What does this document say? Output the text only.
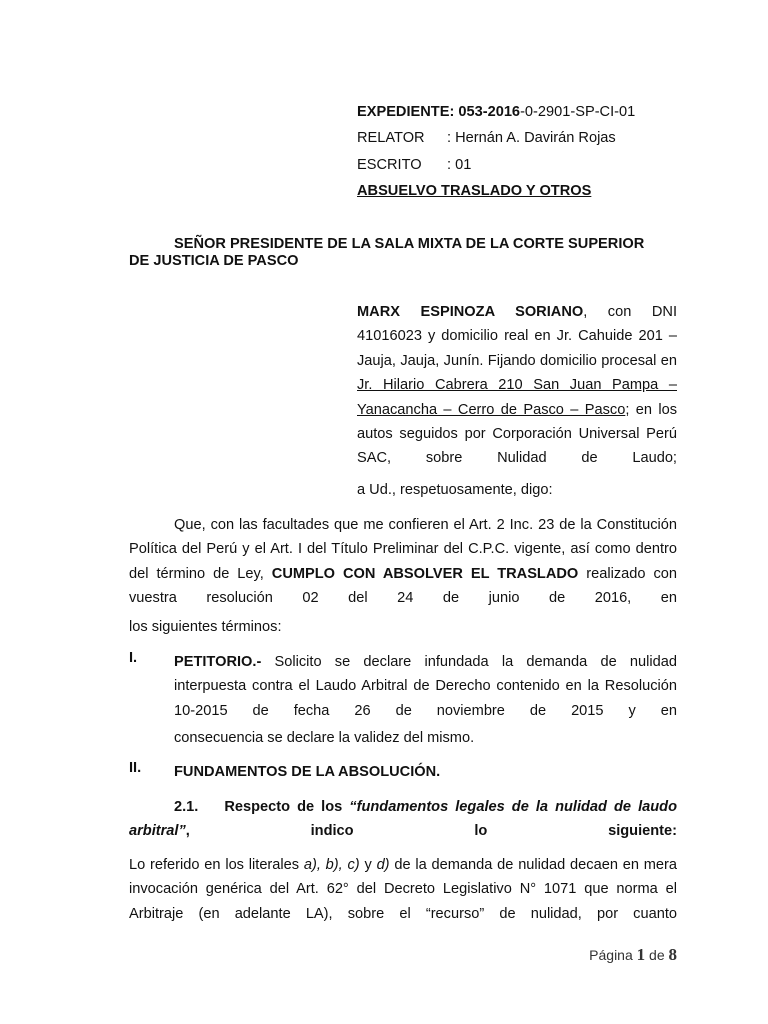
EXPEDIENTE: 053-2016-0-2901-SP-CI-01
RELATOR : Hernán A. Davirán Rojas
ESCRITO : 01
ABSUELVO TRASLADO Y OTROS
SEÑOR PRESIDENTE DE LA SALA MIXTA DE LA CORTE SUPERIOR
DE JUSTICIA DE PASCO
MARX ESPINOZA SORIANO, con DNI 41016023 y domicilio real en Jr. Cahuide 201 – Jauja, Jauja, Junín. Fijando domicilio procesal en Jr. Hilario Cabrera 210 San Juan Pampa – Yanacancha – Cerro de Pasco – Pasco; en los autos seguidos por Corporación Universal Perú SAC, sobre Nulidad de Laudo;
a Ud., respetuosamente, digo:
Que, con las facultades que me confieren el Art. 2 Inc. 23 de la Constitución Política del Perú y el Art. I del Título Preliminar del C.P.C. vigente, así como dentro del término de Ley, CUMPLO CON ABSOLVER EL TRASLADO realizado con vuestra resolución 02 del 24 de junio de 2016, en
los siguientes términos:
I.	PETITORIO.- Solicito se declare infundada la demanda de nulidad interpuesta contra el Laudo Arbitral de Derecho contenido en la Resolución 10-2015 de fecha 26 de noviembre de 2015 y en
consecuencia se declare la validez del mismo.
II. FUNDAMENTOS DE LA ABSOLUCIÓN.
2.1. Respecto de los “fundamentos legales de la nulidad de laudo arbitral”, indico lo siguiente:
Lo referido en los literales a), b), c) y d) de la demanda de nulidad decaen en mera invocación genérica del Art. 62° del Decreto Legislativo N° 1071 que norma el Arbitraje (en adelante LA), sobre el “recurso” de nulidad, por cuanto
Página 1 de 8
